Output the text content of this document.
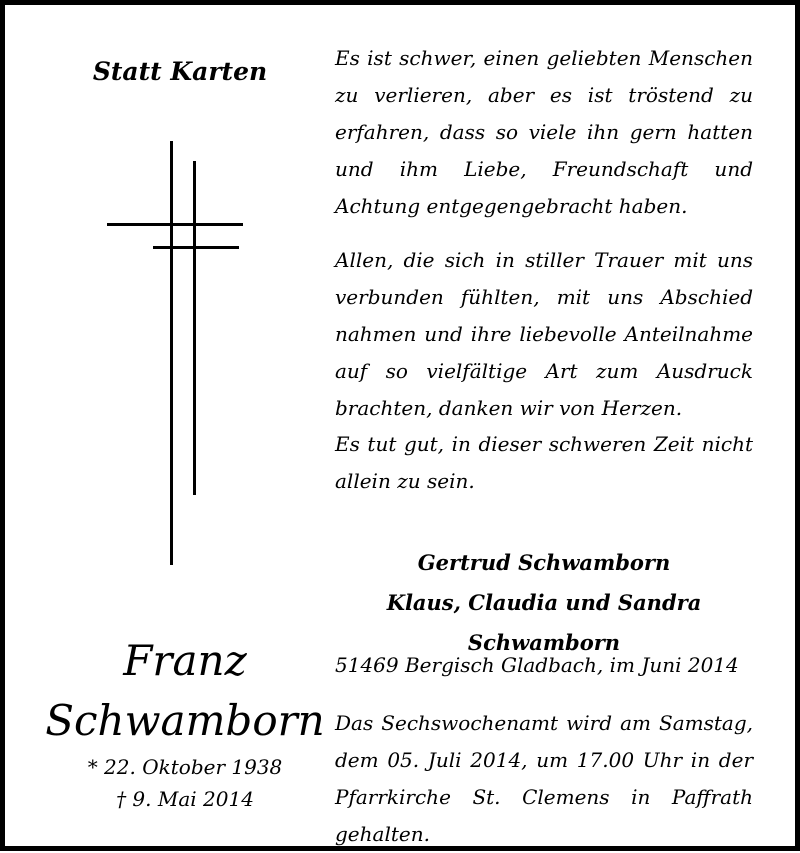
Statt Karten	Es ist schwer, einen geliebten Menschen zu verlieren, aber es ist tröstend zu erfahren, dass so viele ihn gern hatten und ihm Liebe, Freundschaft und Achtung entgegengebracht haben.

Allen, die sich in stiller Trauer mit uns verbunden fühlten, mit uns Abschied nahmen und ihre liebevolle Anteilnahme auf so vielfältige Art zum Ausdruck brachten, danken wir von Herzen.

Es tut gut, in dieser schweren Zeit nicht allein zu sein.

Gertrud Schwamborn
Klaus, Claudia und Sandra Schwamborn
51469 Bergisch Gladbach, im Juni 2014

Das Sechswochenamt wird am Samstag, dem 05. Juli 2014, um 17.00 Uhr in der Pfarrkirche St. Clemens in Paffrath gehalten.

Franz
Schwamborn
* 22. Oktober 1938
† 9. Mai 2014
